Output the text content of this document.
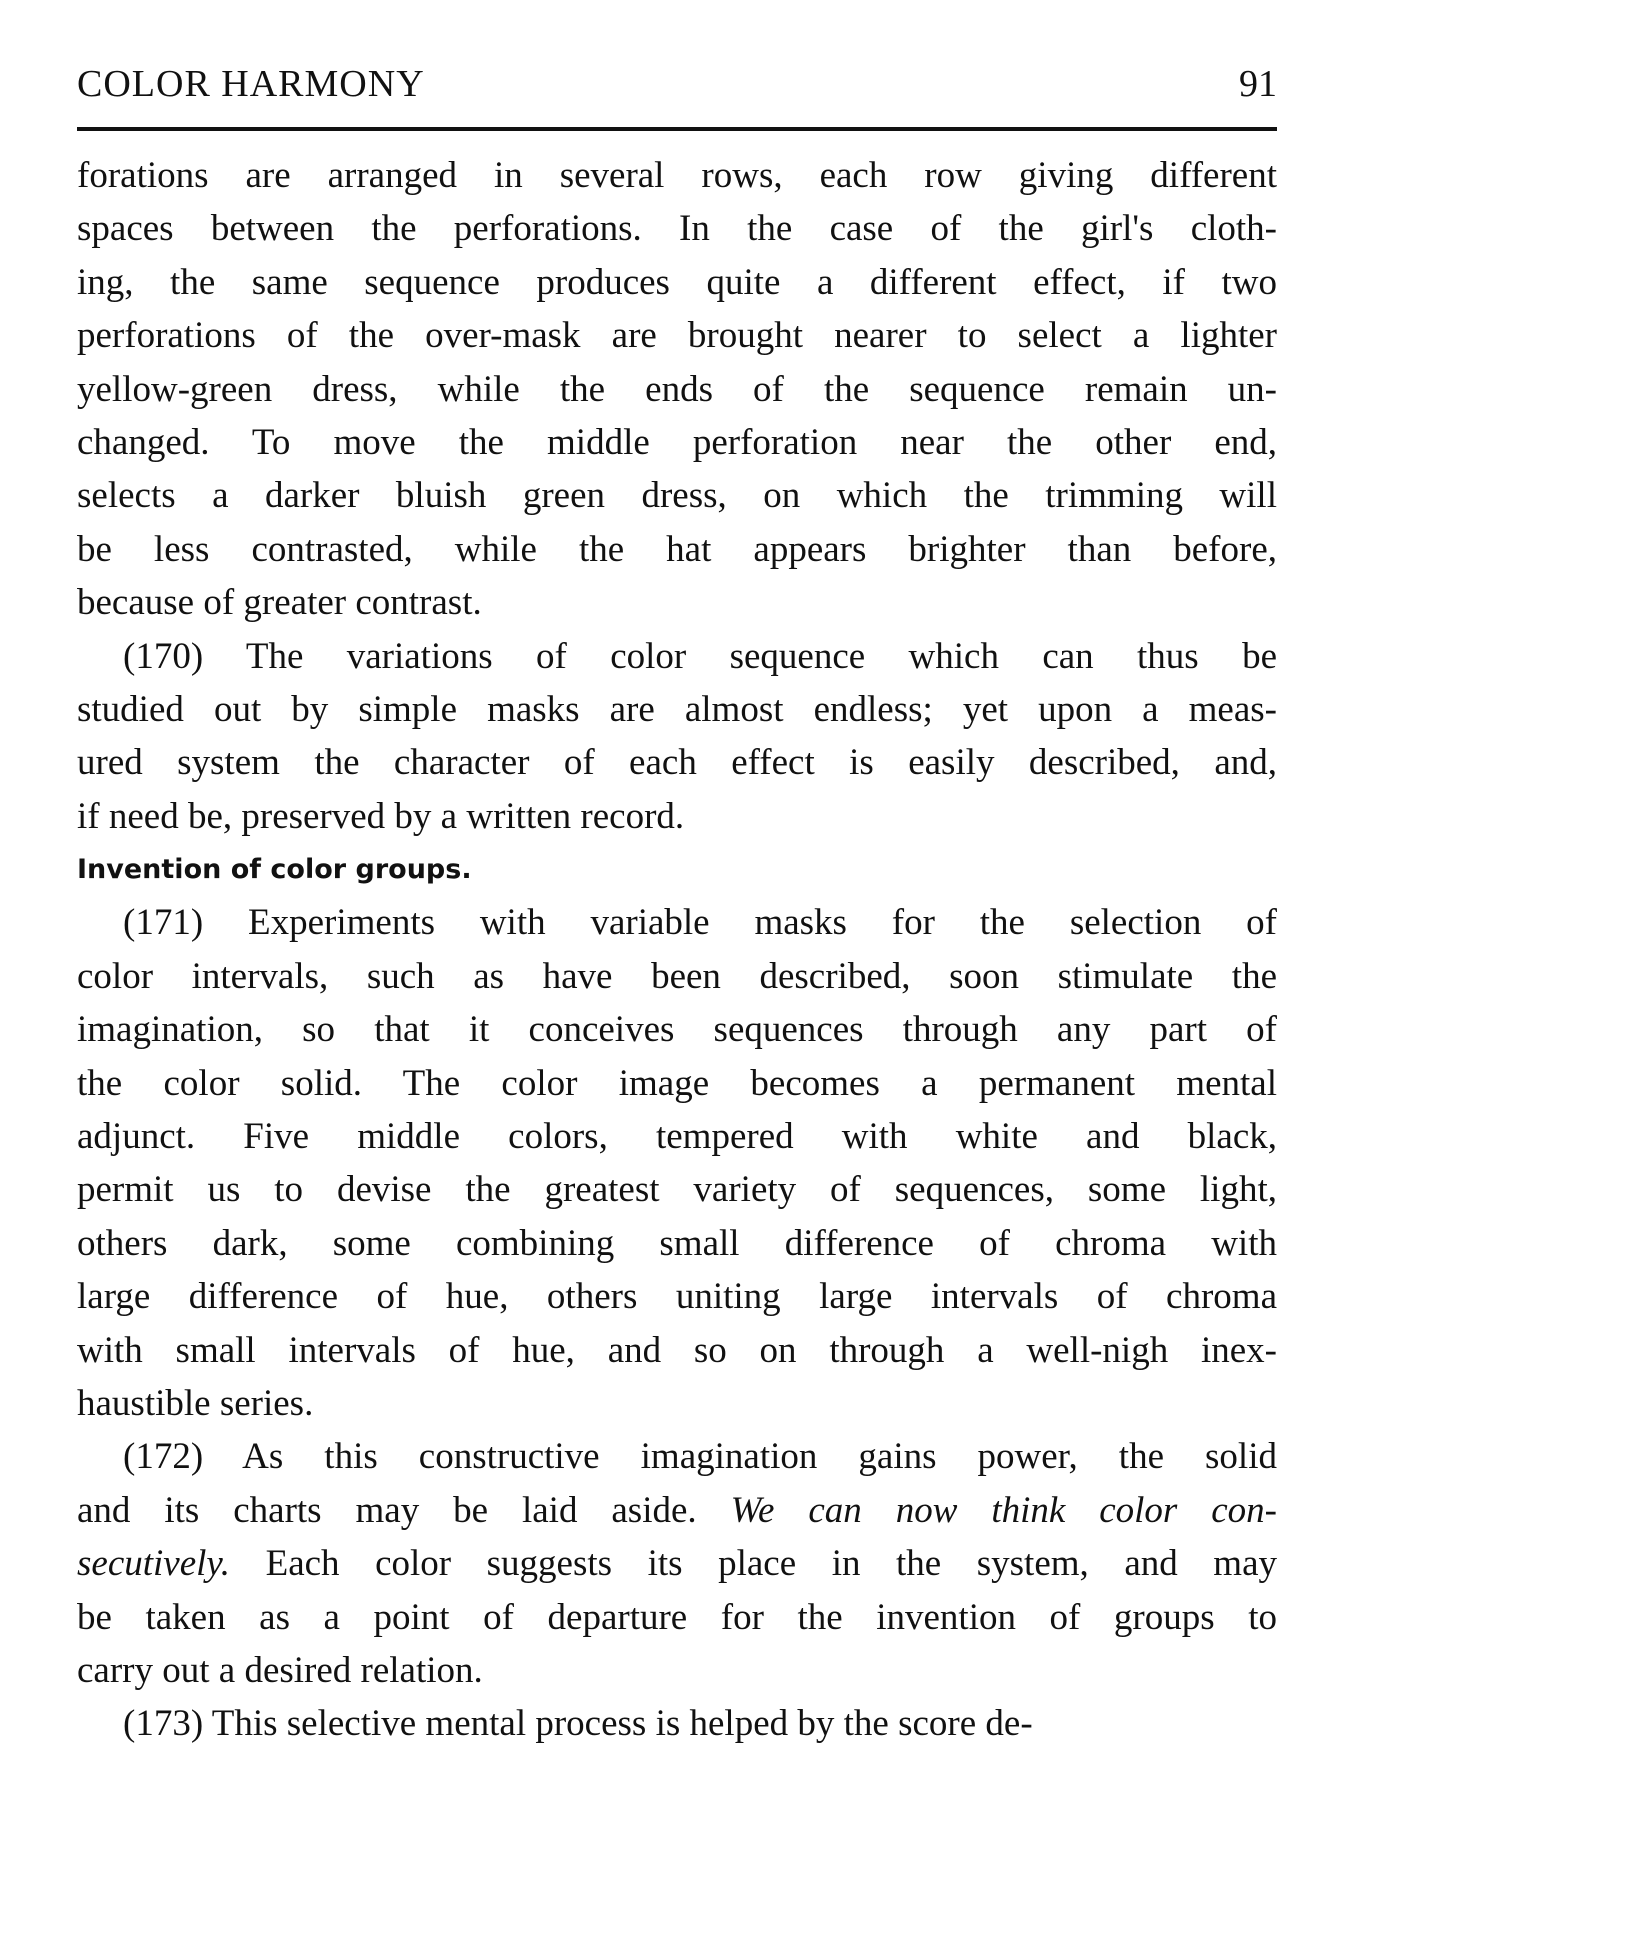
COLOR HARMONY	91
forations are arranged in several rows, each row giving different
spaces between the perforations. In the case of the girl's cloth-
ing, the same sequence produces quite a different effect, if two
perforations of the over-mask are brought nearer to select a lighter
yellow-green dress, while the ends of the sequence remain un-
changed. To move the middle perforation near the other end,
selects a darker bluish green dress, on which the trimming will
be less contrasted, while the hat appears brighter than before,
because of greater contrast.
(170) The variations of color sequence which can thus be
studied out by simple masks are almost endless; yet upon a meas-
ured system the character of each effect is easily described, and,
if need be, preserved by a written record.
Invention of color groups.
(171) Experiments with variable masks for the selection of
color intervals, such as have been described, soon stimulate the
imagination, so that it conceives sequences through any part of
the color solid. The color image becomes a permanent mental
adjunct. Five middle colors, tempered with white and black,
permit us to devise the greatest variety of sequences, some light,
others dark, some combining small difference of chroma with
large difference of hue, others uniting large intervals of chroma
with small intervals of hue, and so on through a well-nigh inex-
haustible series.
(172) As this constructive imagination gains power, the solid
and its charts may be laid aside. We can now think color con-
secutively. Each color suggests its place in the system, and may
be taken as a point of departure for the invention of groups to
carry out a desired relation.
(173) This selective mental process is helped by the score de-
